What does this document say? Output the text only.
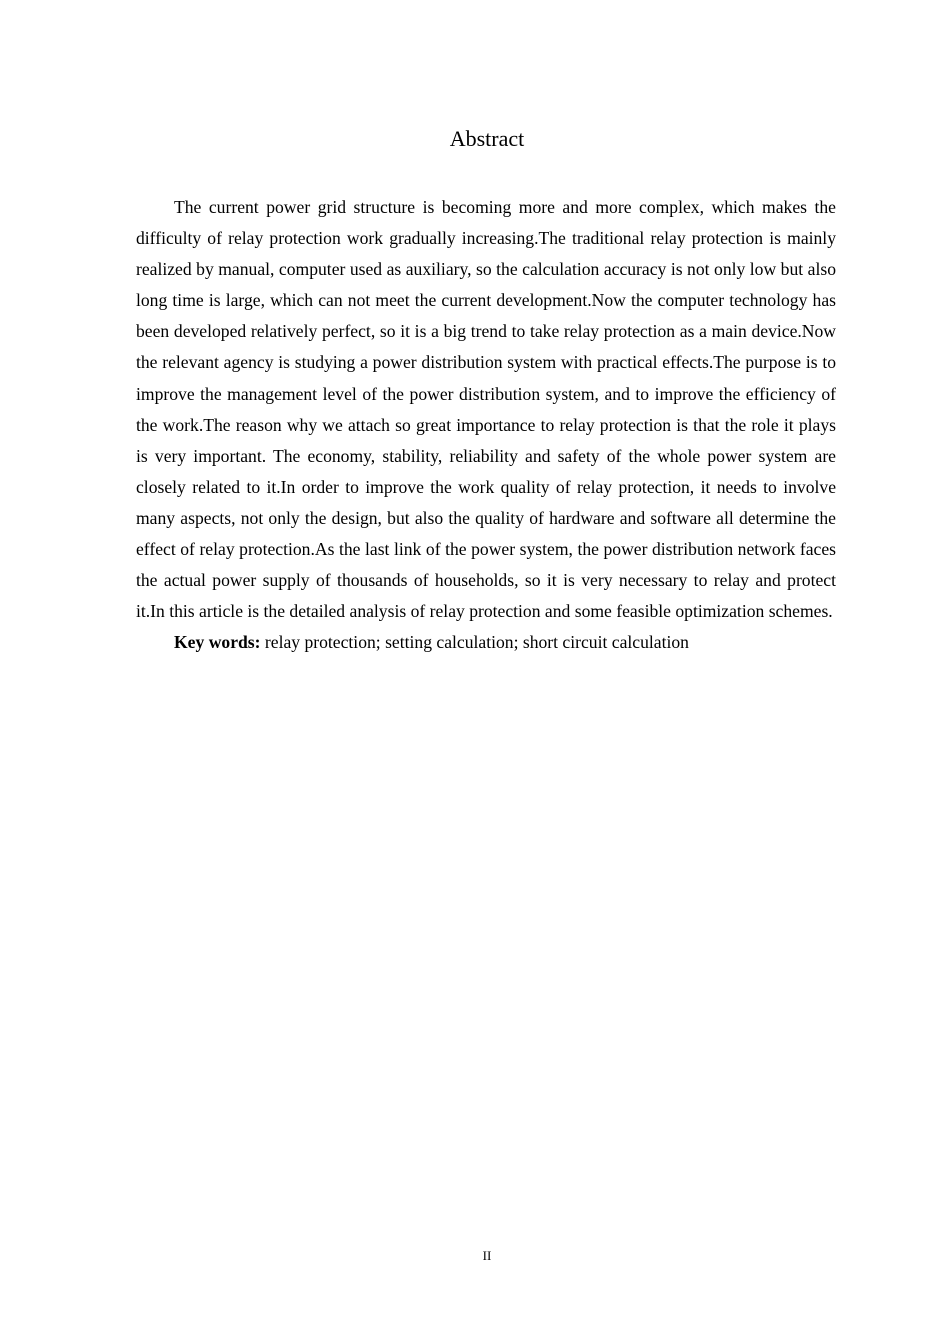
Abstract

The current power grid structure is becoming more and more complex, which makes the difficulty of relay protection work gradually increasing.The traditional relay protection is mainly realized by manual, computer used as auxiliary, so the calculation accuracy is not only low but also long time is large, which can not meet the current development.Now the computer technology has been developed relatively perfect, so it is a big trend to take relay protection as a main device.Now the relevant agency is studying a power distribution system with practical effects.The purpose is to improve the management level of the power distribution system, and to improve the efficiency of the work.The reason why we attach so great importance to relay protection is that the role it plays is very important. The economy, stability, reliability and safety of the whole power system are closely related to it.In order to improve the work quality of relay protection, it needs to involve many aspects, not only the design, but also the quality of hardware and software all determine the effect of relay protection.As the last link of the power system, the power distribution network faces the actual power supply of thousands of households, so it is very necessary to relay and protect it.In this article is the detailed analysis of relay protection and some feasible optimization schemes.

Key words: relay protection; setting calculation; short circuit calculation

II
